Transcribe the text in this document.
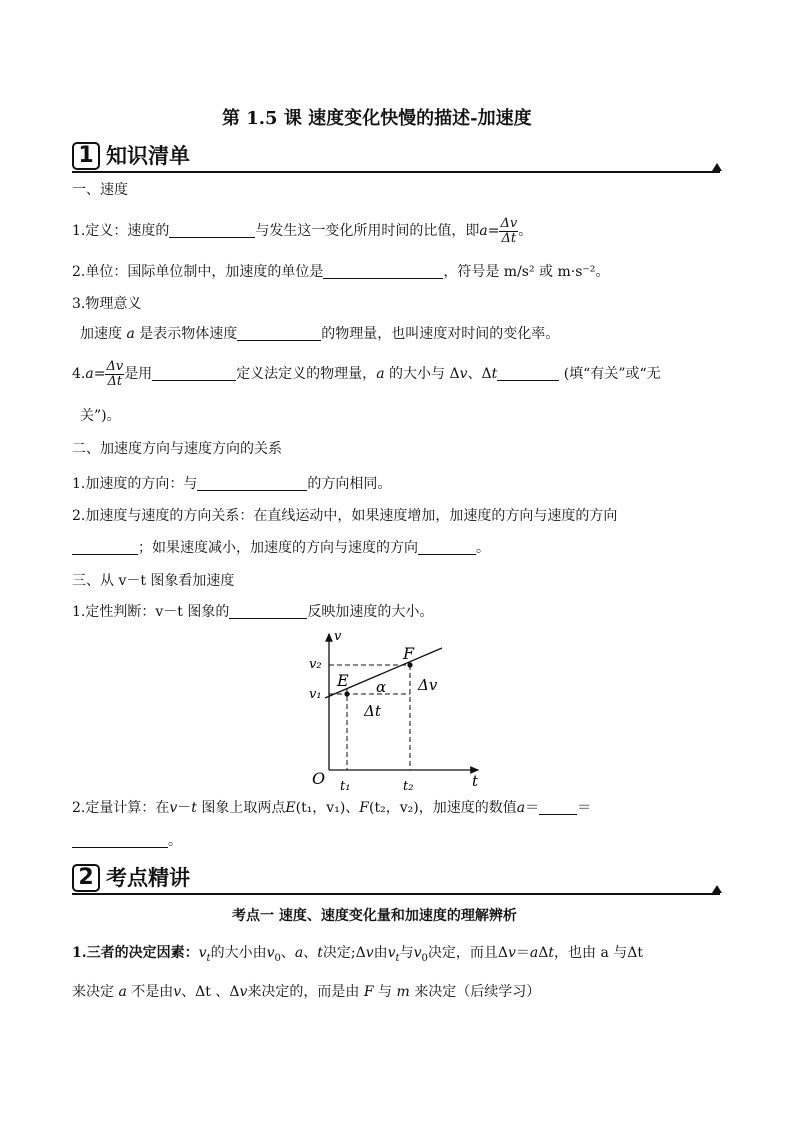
第 1.5 课 速度变化快慢的描述-加速度
1 知识清单
一、速度
1.定义：速度的	与发生这一变化所用时间的比值，即$a= \frac{\Delta v}{\Delta t}$ 。
2.单位：国际单位制中，加速度的单位是	，符号是 m/s² 或 m·s⁻²。
3.物理意义
加速度 a 是表示物体速度	的物理量，也叫速度对时间的变化率。
$4.a= \frac{\Delta v}{\Delta t}$ 是用	定义法定义的物理量，a 的大小与 Δv、Δt	(填“有关”或“无
关”)。
二、加速度方向与速度方向的关系
1.加速度的方向：与	的方向相同。
2.加速度与速度的方向关系：在直线运动中，如果速度增加，加速度的方向与速度的方向
；如果速度减小，加速度的方向与速度的方向	。
三、从 v－t 图象看加速度
1.定性判断：v－t 图象的	反映加速度的大小。
v
t
O
v₂
v₁
t₁	t₂
E
F
α Δv
Δt
2.定量计算：在v－t 图象上取两点E(t₁，v₁)、F(t₂，v₂)，加速度的数值a＝	＝
。
2 考点精讲
考点一 速度、速度变化量和加速度的理解辨析
1.三者的决定因素：$v_t$的大小由$v_0$、a、t决定;Δv由$v_t$与$v_0$决定，而且Δv＝aΔt，也由 a 与Δt
来决定 a 不是由v、Δt 、Δv来决定的，而是由 F 与 m 来决定（后续学习）
